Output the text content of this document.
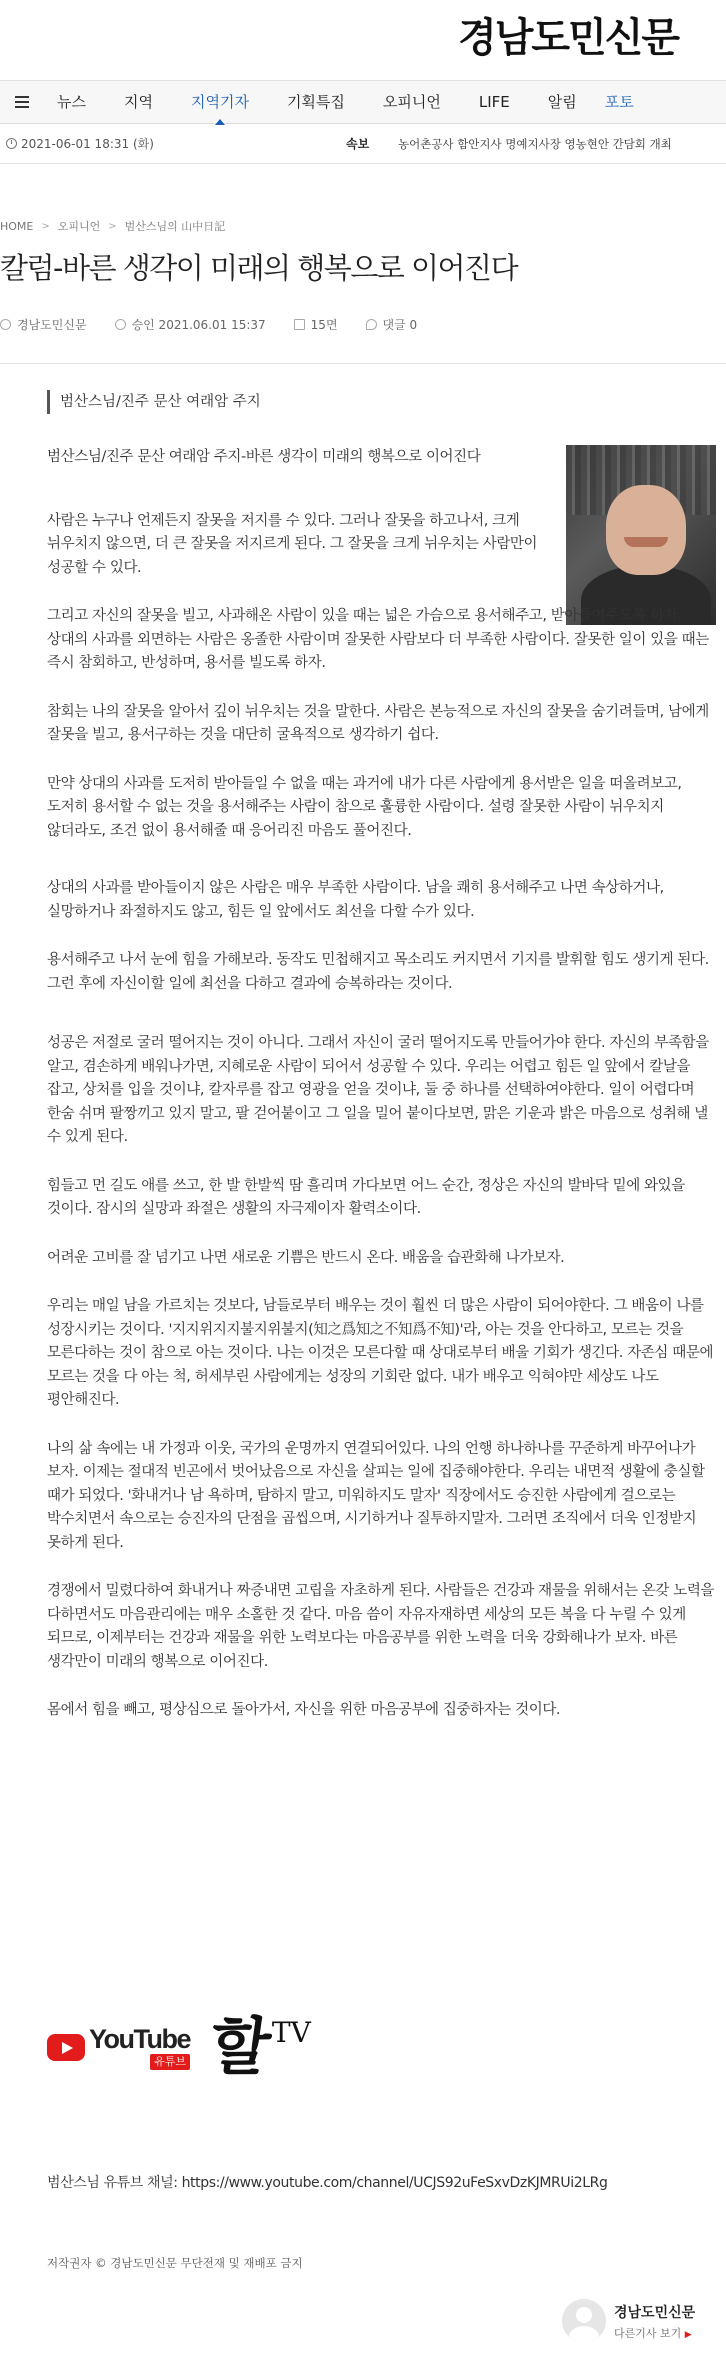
경남도민신문
뉴스	지역	지역기자	기획특집	오피니언	LIFE	알림 포토
2021-06-01 18:31 (화)	속보	농어촌공사 함안지사 명예지사장 영농현안 간담회 개최
HOME > 오피니언 > 범산스님의 山中日記
칼럼-바른 생각이 미래의 행복으로 이어진다
경남도민신문	승인 2021.06.01 15:37	15면	댓글 0
범산스님/진주 문산 여래암 주지

범산스님/진주 문산 여래암 주지-바른 생각이 미래의 행복으로 이어진다

사람은 누구나 언제든지 잘못을 저지를 수 있다. 그러나 잘못을 하고나서, 크게 뉘우치지 않으면, 더 큰 잘못을 저지르게 된다. 그 잘못을 크게 뉘우치는 사람만이 성공할 수 있다.

그리고 자신의 잘못을 빌고, 사과해온 사람이 있을 때는 넓은 가슴으로 용서해주고, 받아들여주도록 하자. 상대의 사과를 외면하는 사람은 옹졸한 사람이며 잘못한 사람보다 더 부족한 사람이다. 잘못한 일이 있을 때는 즉시 참회하고, 반성하며, 용서를 빌도록 하자.

참회는 나의 잘못을 알아서 깊이 뉘우치는 것을 말한다. 사람은 본능적으로 자신의 잘못을 숨기려들며, 남에게 잘못을 빌고, 용서구하는 것을 대단히 굴욕적으로 생각하기 쉽다.

만약 상대의 사과를 도저히 받아들일 수 없을 때는 과거에 내가 다른 사람에게 용서받은 일을 떠올려보고, 도저히 용서할 수 없는 것을 용서해주는 사람이 참으로 훌륭한 사람이다. 설령 잘못한 사람이 뉘우치지 않더라도, 조건 없이 용서해줄 때 응어리진 마음도 풀어진다.

상대의 사과를 받아들이지 않은 사람은 매우 부족한 사람이다. 남을 쾌히 용서해주고 나면 속상하거나, 실망하거나 좌절하지도 않고, 힘든 일 앞에서도 최선을 다할 수가 있다.

용서해주고 나서 눈에 힘을 가해보라. 동작도 민첩해지고 목소리도 커지면서 기지를 발휘할 힘도 생기게 된다. 그런 후에 자신이할 일에 최선을 다하고 결과에 승복하라는 것이다.

성공은 저절로 굴러 떨어지는 것이 아니다. 그래서 자신이 굴러 떨어지도록 만들어가야 한다. 자신의 부족함을 알고, 겸손하게 배워나가면, 지혜로운 사람이 되어서 성공할 수 있다. 우리는 어렵고 힘든 일 앞에서 칼날을 잡고, 상처를 입을 것이냐, 칼자루를 잡고 영광을 얻을 것이냐, 둘 중 하나를 선택하여야한다. 일이 어렵다며 한숨 쉬며 팔짱끼고 있지 말고, 팔 걷어붙이고 그 일을 밀어 붙이다보면, 맑은 기운과 밝은 마음으로 성취해 낼 수 있게 된다.

힘들고 먼 길도 애를 쓰고, 한 발 한발씩 땀 흘리며 가다보면 어느 순간, 정상은 자신의 발바닥 밑에 와있을 것이다. 잠시의 실망과 좌절은 생활의 자극제이자 활력소이다.

어려운 고비를 잘 넘기고 나면 새로운 기쁨은 반드시 온다. 배움을 습관화해 나가보자.

우리는 매일 남을 가르치는 것보다, 남들로부터 배우는 것이 훨씬 더 많은 사람이 되어야한다. 그 배움이 나를 성장시키는 것이다. '지지위지지불지위불지(知之爲知之不知爲不知)'라, 아는 것을 안다하고, 모르는 것을 모른다하는 것이 참으로 아는 것이다. 나는 이것은 모른다할 때 상대로부터 배울 기회가 생긴다. 자존심 때문에 모르는 것을 다 아는 척, 허세부린 사람에게는 성장의 기회란 없다. 내가 배우고 익혀야만 세상도 나도 평안해진다.

나의 삶 속에는 내 가정과 이웃, 국가의 운명까지 연결되어있다. 나의 언행 하나하나를 꾸준하게 바꾸어나가 보자. 이제는 절대적 빈곤에서 벗어났음으로 자신을 살피는 일에 집중해야한다. 우리는 내면적 생활에 충실할 때가 되었다. '화내거나 남 욕하며, 탐하지 말고, 미워하지도 말자' 직장에서도 승진한 사람에게 걸으로는 박수치면서 속으로는 승진자의 단점을 곱씹으며, 시기하거나 질투하지말자. 그러면 조직에서 더욱 인정받지 못하게 된다.

경쟁에서 밀렸다하여 화내거나 짜증내면 고립을 자초하게 된다. 사람들은 건강과 재물을 위해서는 온갖 노력을 다하면서도 마음관리에는 매우 소홀한 것 같다. 마음 씀이 자유자재하면 세상의 모든 복을 다 누릴 수 있게 되므로, 이제부터는 건강과 재물을 위한 노력보다는 마음공부를 위한 노력을 더욱 강화해나가 보자. 바른 생각만이 미래의 행복으로 이어진다.

몸에서 힘을 빼고, 평상심으로 돌아가서, 자신을 위한 마음공부에 집중하자는 것이다.

YouTube
유튜브 할
TV
범산스님 유튜브 채널: https://www.youtube.com/channel/UCJS92uFeSxvDzKJMRUi2LRg
저작권자 © 경남도민신문 무단전재 및 재배포 금지
경남도민신문
다른기사 보기 ▶
